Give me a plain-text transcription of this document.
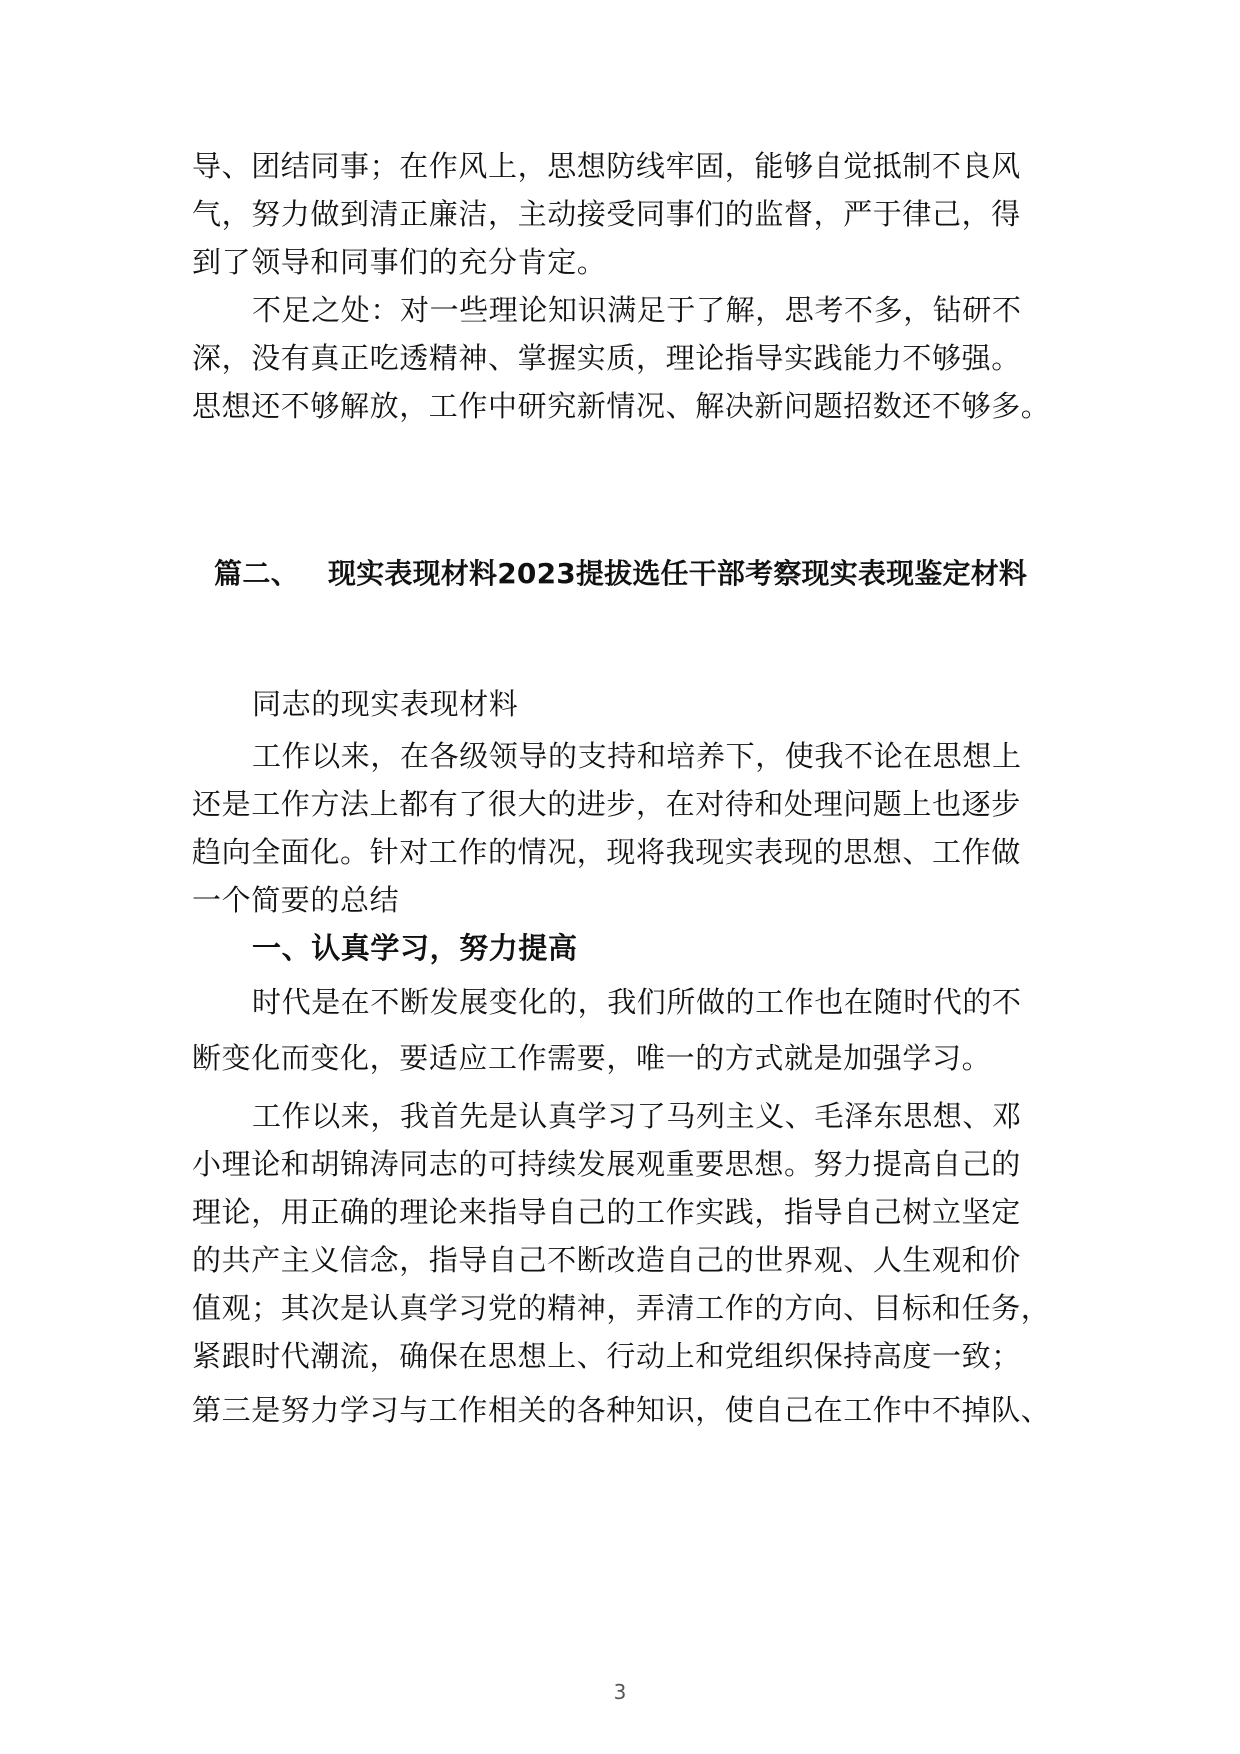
导、团结同事；在作风上，思想防线牢固，能够自觉抵制不良风
气，努力做到清正廉洁，主动接受同事们的监督，严于律己，得
到了领导和同事们的充分肯定。
不足之处：对一些理论知识满足于了解，思考不多，钻研不
深，没有真正吃透精神、掌握实质，理论指导实践能力不够强。
思想还不够解放，工作中研究新情况、解决新问题招数还不够多。
篇二、 现实表现材料2023提拔选任干部考察现实表现鉴定材料
同志的现实表现材料
工作以来，在各级领导的支持和培养下，使我不论在思想上
还是工作方法上都有了很大的进步，在对待和处理问题上也逐步
趋向全面化。针对工作的情况，现将我现实表现的思想、工作做
一个简要的总结
一、认真学习，努力提高
时代是在不断发展变化的，我们所做的工作也在随时代的不
断变化而变化，要适应工作需要，唯一的方式就是加强学习。
工作以来，我首先是认真学习了马列主义、毛泽东思想、邓
小理论和胡锦涛同志的可持续发展观重要思想。努力提高自己的
理论，用正确的理论来指导自己的工作实践，指导自己树立坚定
的共产主义信念，指导自己不断改造自己的世界观、人生观和价
值观；其次是认真学习党的精神，弄清工作的方向、目标和任务，
紧跟时代潮流，确保在思想上、行动上和党组织保持高度一致；
第三是努力学习与工作相关的各种知识，使自己在工作中不掉队、
3
